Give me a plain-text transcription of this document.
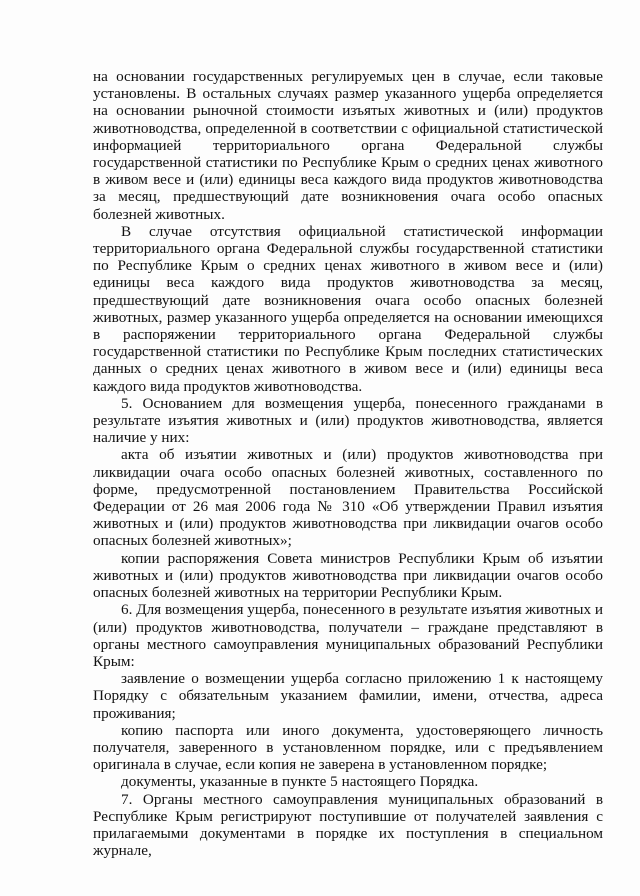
на основании государственных регулируемых цен в случае, если таковые установлены. В остальных случаях размер указанного ущерба определяется на основании рыночной стоимости изъятых животных и (или) продуктов животноводства, определенной в соответствии с официальной статистической информацией территориального органа Федеральной службы государственной статистики по Республике Крым о средних ценах животного в живом весе и (или) единицы веса каждого вида продуктов животноводства за месяц, предшествующий дате возникновения очага особо опасных болезней животных.

В случае отсутствия официальной статистической информации территориального органа Федеральной службы государственной статистики по Республике Крым о средних ценах животного в живом весе и (или) единицы веса каждого вида продуктов животноводства за месяц, предшествующий дате возникновения очага особо опасных болезней животных, размер указанного ущерба определяется на основании имеющихся в распоряжении территориального органа Федеральной службы государственной статистики по Республике Крым последних статистических данных о средних ценах животного в живом весе и (или) единицы веса каждого вида продуктов животноводства.

5. Основанием для возмещения ущерба, понесенного гражданами в результате изъятия животных и (или) продуктов животноводства, является наличие у них:

акта об изъятии животных и (или) продуктов животноводства при ликвидации очага особо опасных болезней животных, составленного по форме, предусмотренной постановлением Правительства Российской Федерации от 26 мая 2006 года № 310 «Об утверждении Правил изъятия животных и (или) продуктов животноводства при ликвидации очагов особо опасных болезней животных»;

копии распоряжения Совета министров Республики Крым об изъятии животных и (или) продуктов животноводства при ликвидации очагов особо опасных болезней животных на территории Республики Крым.

6. Для возмещения ущерба, понесенного в результате изъятия животных и (или) продуктов животноводства, получатели – граждане представляют в органы местного самоуправления муниципальных образований Республики Крым:

заявление о возмещении ущерба согласно приложению 1 к настоящему Порядку с обязательным указанием фамилии, имени, отчества, адреса проживания;

копию паспорта или иного документа, удостоверяющего личность получателя, заверенного в установленном порядке, или с предъявлением оригинала в случае, если копия не заверена в установленном порядке;

документы, указанные в пункте 5 настоящего Порядка.

7. Органы местного самоуправления муниципальных образований в Республике Крым регистрируют поступившие от получателей заявления с прилагаемыми документами в порядке их поступления в специальном журнале,
